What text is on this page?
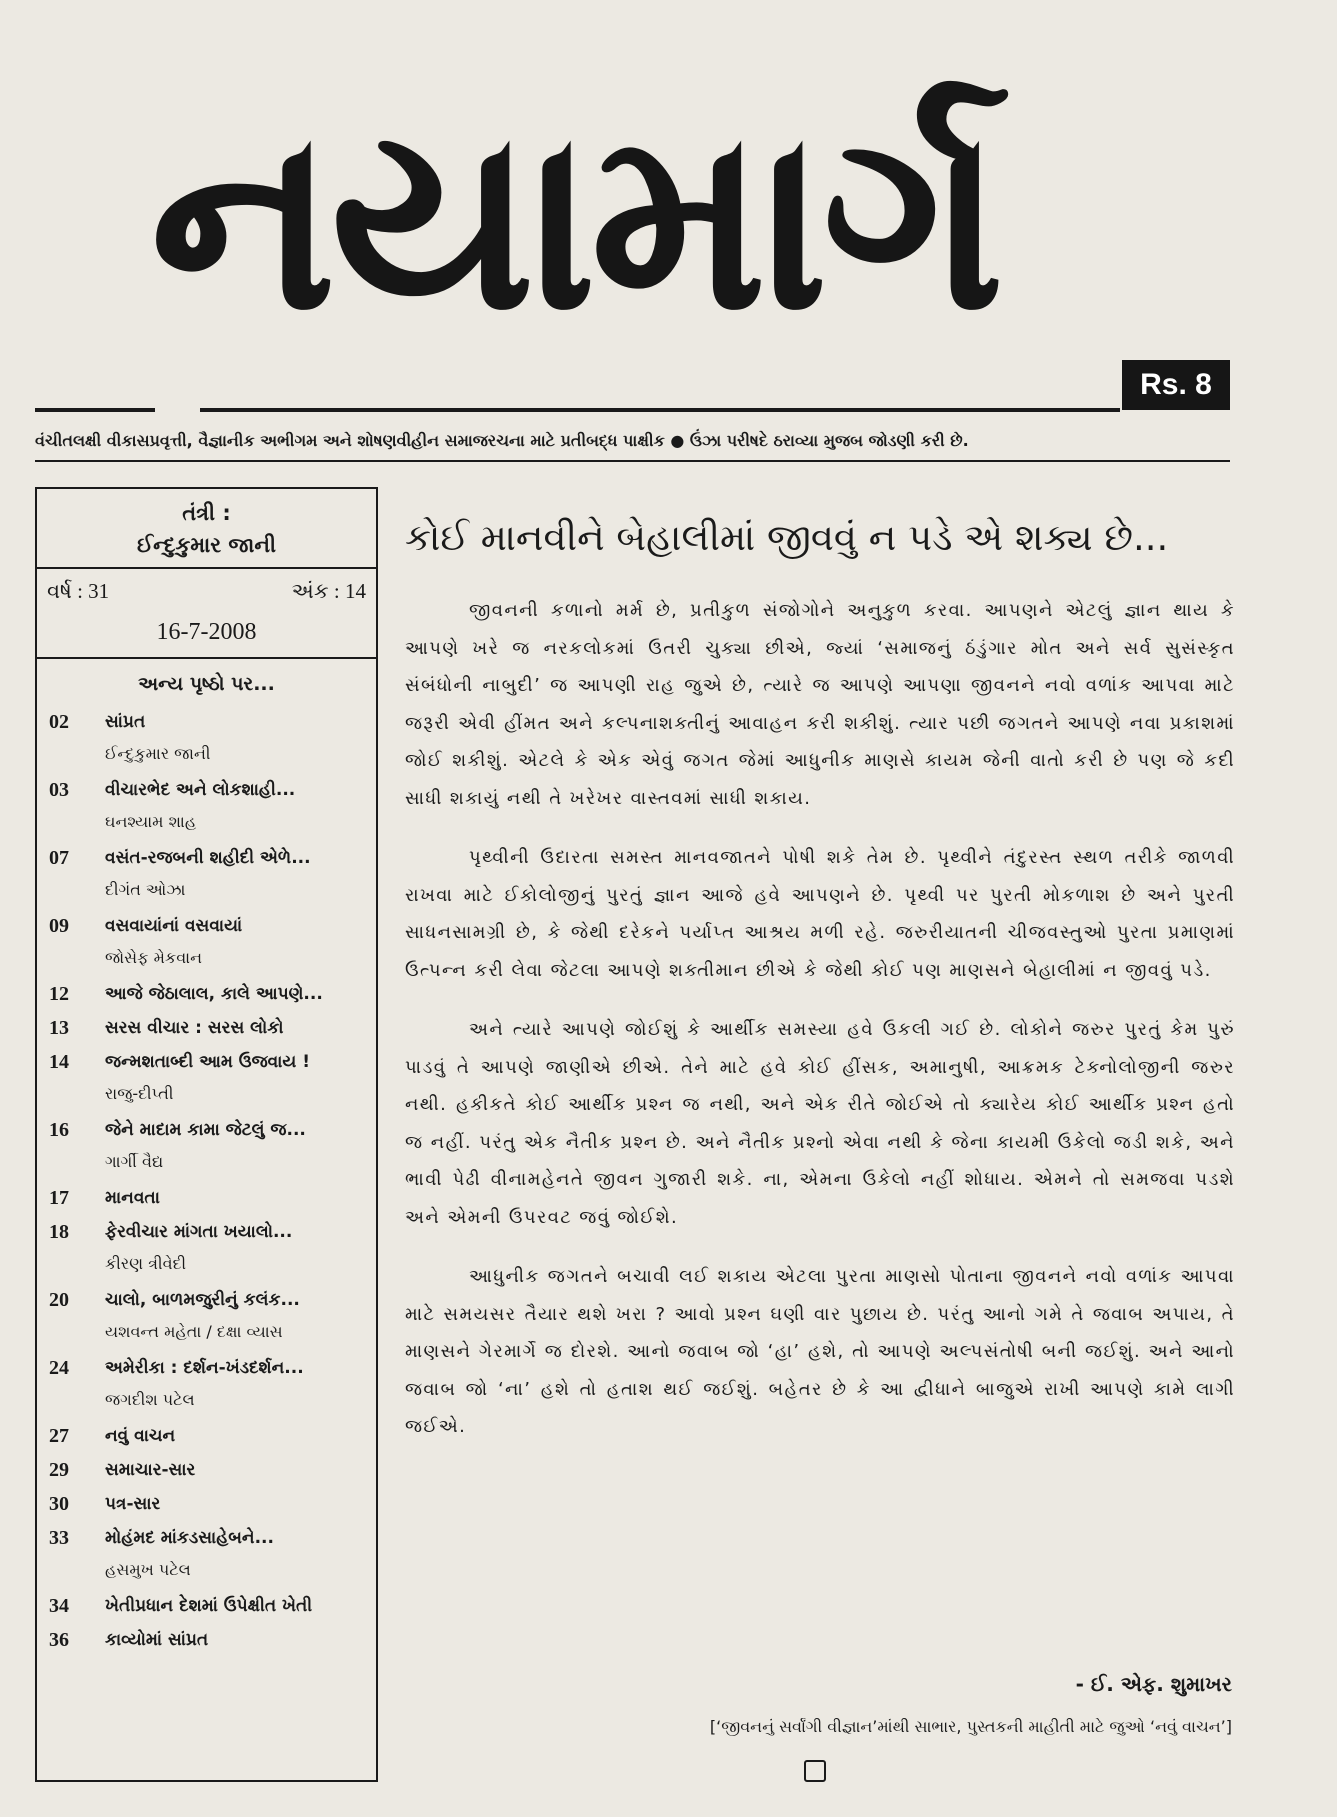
નયામાર્ગ
Rs. 8
વંચીતલક્ષી વીકાસપ્રવૃત્તી, વૈજ્ઞાનીક અભીગમ અને શોષણવીહીન સમાજરચના માટે પ્રતીબદ્ધ પાક્ષીક ● ઉંઝા પરીષદે ઠરાવ્યા મુજબ જોડણી કરી છે.
તંત્રી :
ઈન્દુકુમાર જાની
વર્ષ : 31	અંક : 14
16-7-2008
અન્ય પૃષ્ઠો પર...
02 સાંપ્રત
ઈન્દુકુમાર જાની
03 વીચારભેદ અને લોકશાહી...
ઘનશ્યામ શાહ
07 વસંત-રજબની શહીદી એળે...
દીગંત ઓઝા
09 વસવાયાંનાં વસવાયાં
જોસેફ મેકવાન
12 આજે જેઠાલાલ, કાલે આપણે...
13 સરસ વીચાર : સરસ લોકો
14 જન્મશતાબ્દી આમ ઉજવાય !
રાજુ-દીપ્તી
16 જેને માદામ કામા જેટલું જ...
ગાર્ગી વૈદ્ય
17 માનવતા
18 ફેરવીચાર માંગતા ખયાલો...
કીરણ ત્રીવેદી
20 ચાલો, બાળમજુરીનું કલંક...
યશવન્ત મહેતા / દક્ષા વ્યાસ
24 અમેરીકા : દર્શન-ખંડદર્શન...
જગદીશ પટેલ
27 નવું વાચન
29 સમાચાર-સાર
30 પત્ર-સાર
33 મોહંમદ માંકડસાહેબને...
હસમુખ પટેલ
34 ખેતીપ્રધાન દેશમાં ઉપેક્ષીત ખેતી
36 કાવ્યોમાં સાંપ્રત
કોઈ માનવીને બેહાલીમાં જીવવું ન પડે એ શક્ય છે...

જીવનની કળાનો મર્મ છે, પ્રતીકુળ સંજોગોને અનુકુળ કરવા. આપણને એટલું જ્ઞાન થાય કે આપણે ખરે જ નરકલોકમાં ઉતરી ચુક્યા છીએ, જ્યાં ‘સમાજનું ઠંડુંગાર મોત અને સર્વ સુસંસ્કૃત સંબંધોની નાબુદી’ જ આપણી રાહ જુએ છે, ત્યારે જ આપણે આપણા જીવનને નવો વળાંક આપવા માટે જરૂરી એવી હીંમત અને કલ્પનાશક્તીનું આવાહન કરી શકીશું. ત્યાર પછી જગતને આપણે નવા પ્રકાશમાં જોઈ શકીશું. એટલે કે એક એવું જગત જેમાં આધુનીક માણસે કાયમ જેની વાતો કરી છે પણ જે કદી સાધી શકાયું નથી તે ખરેખર વાસ્તવમાં સાધી શકાય.

પૃથ્વીની ઉદારતા સમસ્ત માનવજાતને પોષી શકે તેમ છે. પૃથ્વીને તંદુરસ્ત સ્થળ તરીકે જાળવી રાખવા માટે ઈકોલોજીનું પુરતું જ્ઞાન આજે હવે આપણને છે. પૃથ્વી પર પુરતી મોકળાશ છે અને પુરતી સાધનસામગ્રી છે, કે જેથી દરેકને પર્યાપ્ત આશ્રય મળી રહે. જરુરીયાતની ચીજવસ્તુઓ પુરતા પ્રમાણમાં ઉત્પન્ન કરી લેવા જેટલા આપણે શક્તીમાન છીએ કે જેથી કોઈ પણ માણસને બેહાલીમાં ન જીવવું પડે.

અને ત્યારે આપણે જોઈશું કે આર્થીક સમસ્યા હવે ઉકલી ગઈ છે. લોકોને જરુર પુરતું કેમ પુરું પાડવું તે આપણે જાણીએ છીએ. તેને માટે હવે કોઈ હીંસક, અમાનુષી, આક્રમક ટેક્નોલોજીની જરુર નથી. હકીકતે કોઈ આર્થીક પ્રશ્ન જ નથી, અને એક રીતે જોઈએ તો ક્યારેય કોઈ આર્થીક પ્રશ્ન હતો જ નહીં. પરંતુ એક નૈતીક પ્રશ્ન છે. અને નૈતીક પ્રશ્નો એવા નથી કે જેના કાયમી ઉકેલો જડી શકે, અને ભાવી પેઢી વીનામહેનતે જીવન ગુજારી શકે. ના, એમના ઉકેલો નહીં શોધાય. એમને તો સમજવા પડશે અને એમની ઉપરવટ જવું જોઈશે.

આધુનીક જગતને બચાવી લઈ શકાય એટલા પુરતા માણસો પોતાના જીવનને નવો વળાંક આપવા માટે સમયસર તૈયાર થશે ખરા ? આવો પ્રશ્ન ઘણી વાર પુછાય છે. પરંતુ આનો ગમે તે જવાબ અપાય, તે માણસને ગેરમાર્ગે જ દોરશે. આનો જવાબ જો ‘હા’ હશે, તો આપણે અલ્પસંતોષી બની જઈશું. અને આનો જવાબ જો ‘ના’ હશે તો હતાશ થઈ જઈશું. બહેતર છે કે આ દ્વીધાને બાજુએ રાખી આપણે કામે લાગી જઈએ.

- ઈ. એફ. શુમાખર
[‘જીવનનું સર્વાંગી વીજ્ઞાન’માંથી સાભાર, પુસ્તકની માહીતી માટે જુઓ ‘નવું વાચન’]
